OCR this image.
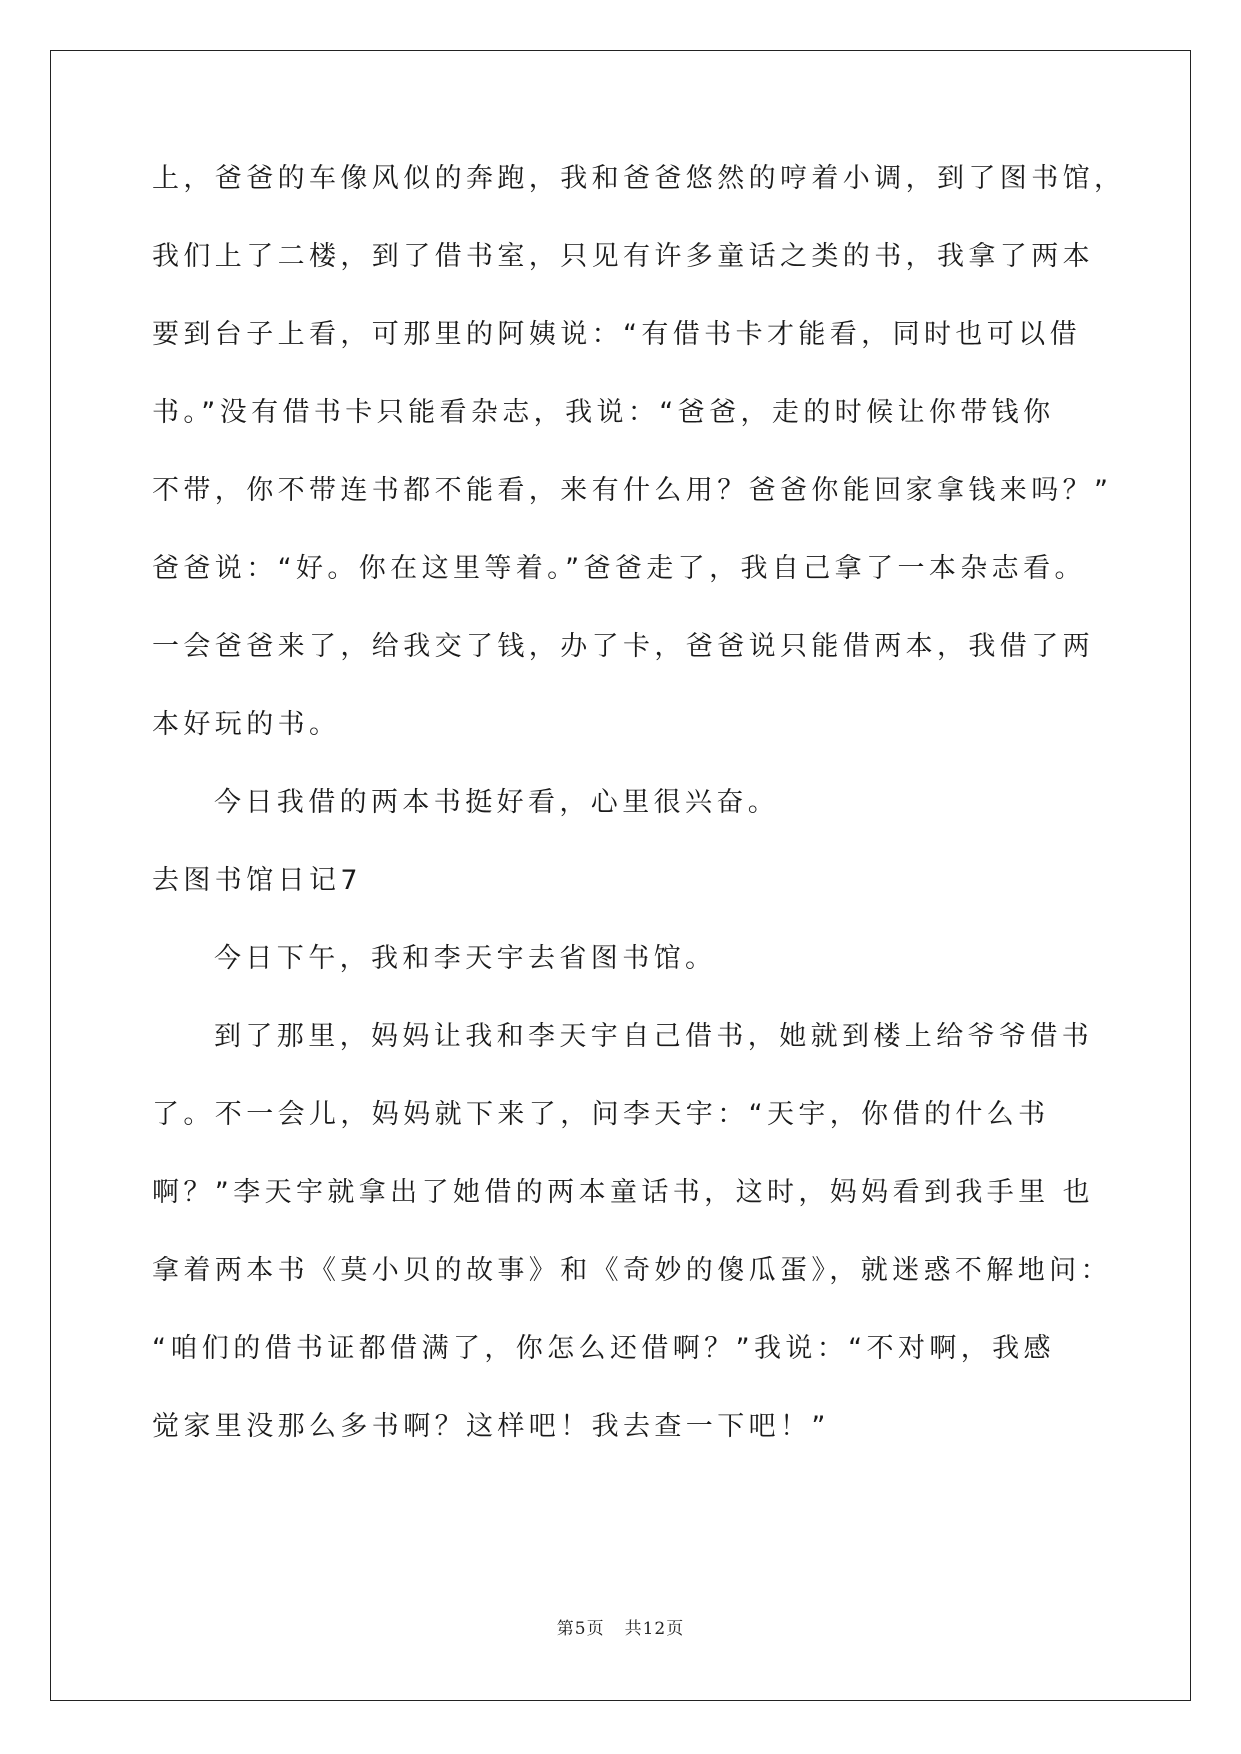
上，爸爸的车像风似的奔跑，我和爸爸悠然的哼着小调，到了图书馆，
我们上了二楼，到了借书室，只见有许多童话之类的书，我拿了两本
要到台子上看，可那里的阿姨说：“有借书卡才能看，同时也可以借
书。”没有借书卡只能看杂志，我说：“爸爸，走的时候让你带钱你
不带，你不带连书都不能看，来有什么用？爸爸你能回家拿钱来吗？”
爸爸说：“好。你在这里等着。”爸爸走了，我自己拿了一本杂志看。
一会爸爸来了，给我交了钱，办了卡，爸爸说只能借两本，我借了两
本好玩的书。
今日我借的两本书挺好看，心里很兴奋。
去图书馆日记7
今日下午，我和李天宇去省图书馆。
到了那里，妈妈让我和李天宇自己借书，她就到楼上给爷爷借书
了。不一会儿，妈妈就下来了，问李天宇：“天宇，你借的什么书
啊？”李天宇就拿出了她借的两本童话书，这时，妈妈看到我手里 也
拿着两本书《莫小贝的故事》和《奇妙的傻瓜蛋》，就迷惑不解地问：
“咱们的借书证都借满了，你怎么还借啊？”我说：“不对啊，我感
觉家里没那么多书啊？这样吧！我去查一下吧！”
第5页 共12页
